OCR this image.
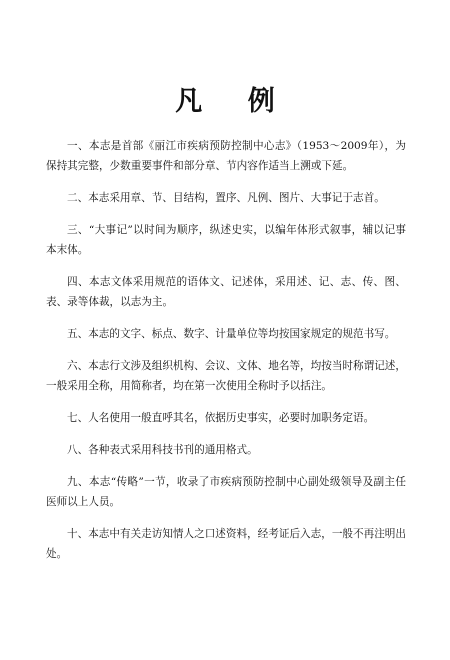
凡 例

一、本志是首部《丽江市疾病预防控制中心志》（1953～2009年），为保持其完整，少数重要事件和部分章、节内容作适当上溯或下延。

二、本志采用章、节、目结构，置序、凡例、图片、大事记于志首。

三、“大事记”以时间为顺序，纵述史实，以编年体形式叙事，辅以记事本末体。

四、本志文体采用规范的语体文、记述体，采用述、记、志、传、图、表、录等体裁，以志为主。

五、本志的文字、标点、数字、计量单位等均按国家规定的规范书写。

六、本志行文涉及组织机构、会议、文体、地名等，均按当时称谓记述，一般采用全称，用简称者，均在第一次使用全称时予以括注。

七、人名使用一般直呼其名，依据历史事实，必要时加职务定语。

八、各种表式采用科技书刊的通用格式。

九、本志“传略”一节，收录了市疾病预防控制中心副处级领导及副主任医师以上人员。

十、本志中有关走访知情人之口述资料，经考证后入志，一般不再注明出处。
